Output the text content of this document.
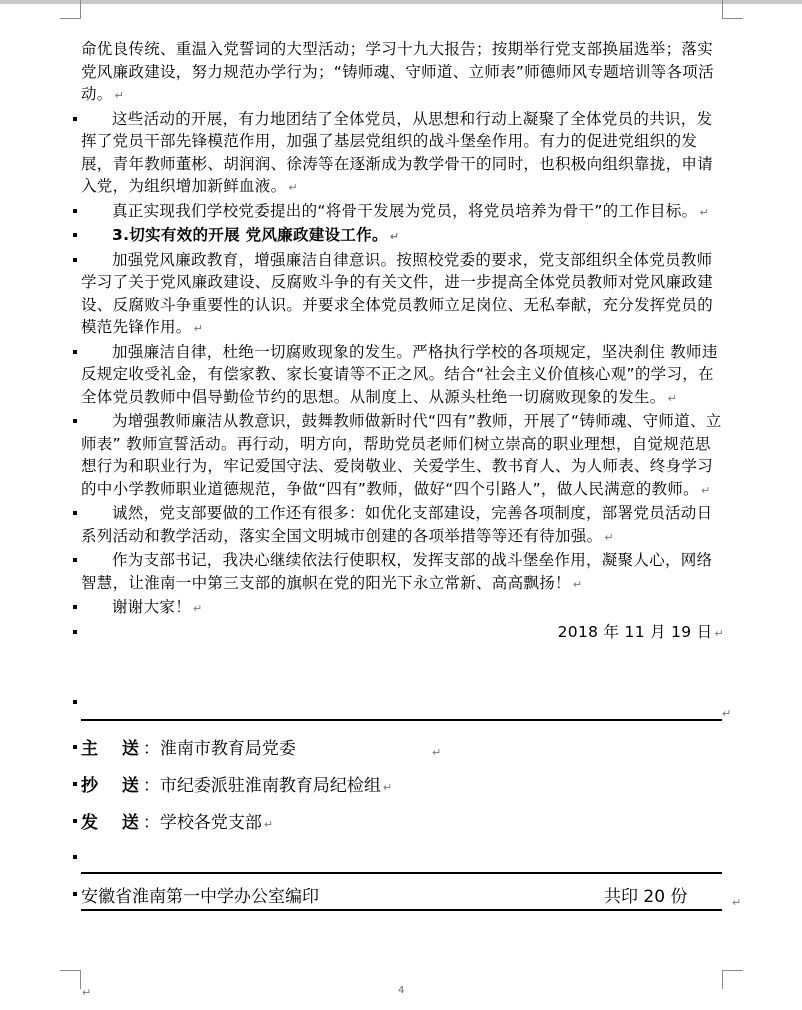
命优良传统、重温入党誓词的大型活动；学习十九大报告；按期举行党支部换届选举；落实党风廉政建设，努力规范办学行为；“铸师魂、守师道、立师表”师德师风专题培训等各项活动。 ↵
这些活动的开展，有力地团结了全体党员，从思想和行动上凝聚了全体党员的共识，发挥了党员干部先锋模范作用，加强了基层党组织的战斗堡垒作用。有力的促进党组织的发展，青年教师董彬、胡润润、徐涛等在逐渐成为教学骨干的同时，也积极向组织靠拢，申请入党，为组织增加新鲜血液。 ↵
真正实现我们学校党委提出的“将骨干发展为党员，将党员培养为骨干”的工作目标。 ↵
3.切实有效的开展 党风廉政建设工作。 ↵
加强党风廉政教育，增强廉洁自律意识。按照校党委的要求，党支部组织全体党员教师学习了关于党风廉政建设、反腐败斗争的有关文件，进一步提高全体党员教师对党风廉政建设、反腐败斗争重要性的认识。并要求全体党员教师立足岗位、无私奉献，充分发挥党员的模范先锋作用。 ↵
加强廉洁自律，杜绝一切腐败现象的发生。严格执行学校的各项规定，坚决刹住 教师违反规定收受礼金，有偿家教、家长宴请等不正之风。结合“社会主义价值核心观”的学习，在全体党员教师中倡导勤俭节约的思想。从制度上、从源头杜绝一切腐败现象的发生。 ↵
为增强教师廉洁从教意识，鼓舞教师做新时代“四有”教师，开展了“铸师魂、守师道、立师表” 教师宣誓活动。再行动，明方向，帮助党员老师们树立崇高的职业理想，自觉规范思想行为和职业行为，牢记爱国守法、爱岗敬业、关爱学生、教书育人、为人师表、终身学习的中小学教师职业道德规范，争做“四有”教师，做好“四个引路人”，做人民满意的教师。 ↵
诚然，党支部要做的工作还有很多：如优化支部建设，完善各项制度，部署党员活动日系列活动和教学活动，落实全国文明城市创建的各项举措等等还有待加强。 ↵
作为支部书记，我决心继续依法行使职权，发挥支部的战斗堡垒作用，凝聚人心，网络智慧，让淮南一中第三支部的旗帜在党的阳光下永立常新、高高飘扬！ ↵
谢谢大家！ ↵
2018 年 11 月 19 日 ↵
↵
主  送：淮南市教育局党委	↵
抄  送：市纪委派驻淮南教育局纪检组 ↵
发  送：学校各党支部 ↵
安徽省淮南第一中学办公室编印	共印 20 份	↵
↵	4
